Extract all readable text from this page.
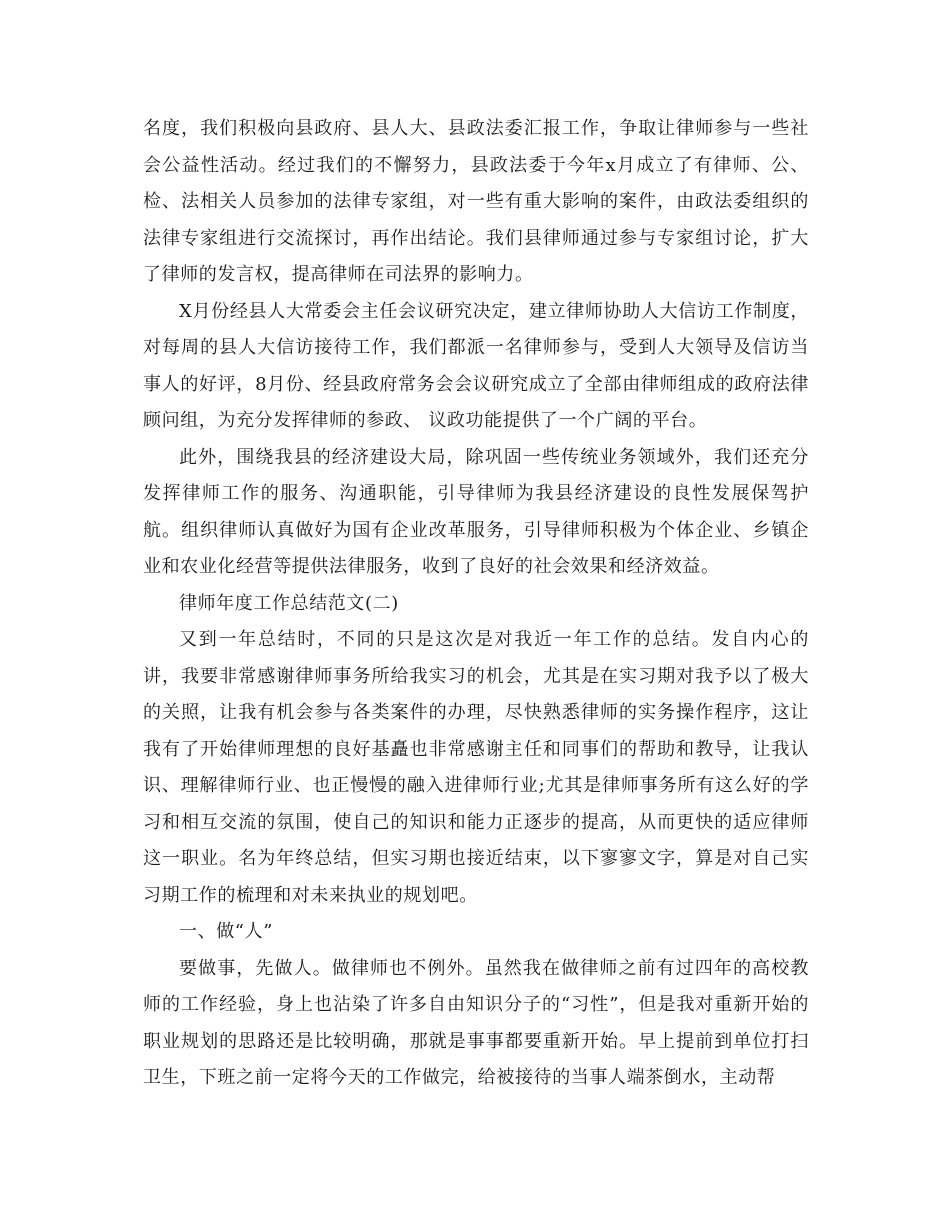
名度，我们积极向县政府、县人大、县政法委汇报工作，争取让律师参与一些社会公益性活动。经过我们的不懈努力，县政法委于今年x月成立了有律师、公、检、法相关人员参加的法律专家组，对一些有重大影响的案件，由政法委组织的法律专家组进行交流探讨，再作出结论。我们县律师通过参与专家组讨论，扩大了律师的发言权，提高律师在司法界的影响力。

X月份经县人大常委会主任会议研究决定，建立律师协助人大信访工作制度，对每周的县人大信访接待工作，我们都派一名律师参与，受到人大领导及信访当事人的好评，8月份、经县政府常务会会议研究成立了全部由律师组成的政府法律顾问组，为充分发挥律师的参政、 议政功能提供了一个广阔的平台。

此外，围绕我县的经济建设大局，除巩固一些传统业务领域外，我们还充分发挥律师工作的服务、沟通职能，引导律师为我县经济建设的良性发展保驾护航。组织律师认真做好为国有企业改革服务，引导律师积极为个体企业、乡镇企业和农业化经营等提供法律服务，收到了良好的社会效果和经济效益。

律师年度工作总结范文(二)

又到一年总结时，不同的只是这次是对我近一年工作的总结。发自内心的讲，我要非常感谢律师事务所给我实习的机会，尤其是在实习期对我予以了极大的关照，让我有机会参与各类案件的办理，尽快熟悉律师的实务操作程序，这让我有了开始律师理想的良好基矗也非常感谢主任和同事们的帮助和教导，让我认识、理解律师行业、也正慢慢的融入进律师行业;尤其是律师事务所有这么好的学习和相互交流的氛围，使自己的知识和能力正逐步的提高，从而更快的适应律师这一职业。名为年终总结，但实习期也接近结束，以下寥寥文字，算是对自己实习期工作的梳理和对未来执业的规划吧。

一、做“人”

要做事，先做人。做律师也不例外。虽然我在做律师之前有过四年的高校教师的工作经验，身上也沾染了许多自由知识分子的“习性”，但是我对重新开始的职业规划的思路还是比较明确，那就是事事都要重新开始。早上提前到单位打扫卫生，下班之前一定将今天的工作做完，给被接待的当事人端茶倒水，主动帮
